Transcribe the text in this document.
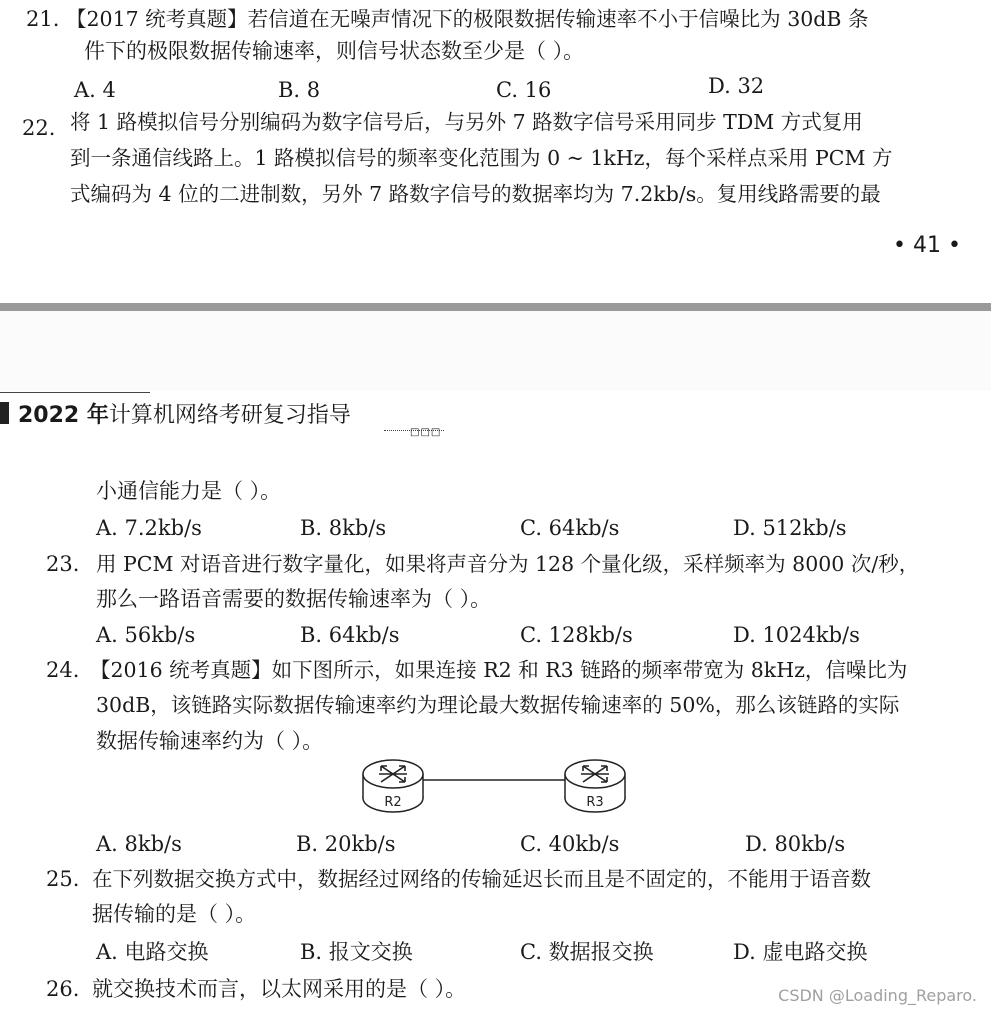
21. 【2017 统考真题】若信道在无噪声情况下的极限数据传输速率不小于信噪比为 30dB 条
件下的极限数据传输速率，则信号状态数至少是（ ）。
A. 4	B. 8	C. 16	D. 32
22. 将 1 路模拟信号分别编码为数字信号后，与另外 7 路数字信号采用同步 TDM 方式复用
到一条通信线路上。1 路模拟信号的频率变化范围为 0 ~ 1kHz，每个采样点采用 PCM 方
式编码为 4 位的二进制数，另外 7 路数字信号的数据率均为 7.2kb/s。复用线路需要的最
• 41 •
2022 年计算机网络考研复习指导
□□□
小通信能力是（ ）。
A. 7.2kb/s	B. 8kb/s	C. 64kb/s	D. 512kb/s
23. 用 PCM 对语音进行数字量化，如果将声音分为 128 个量化级，采样频率为 8000 次/秒，
那么一路语音需要的数据传输速率为（ ）。
A. 56kb/s	B. 64kb/s	C. 128kb/s	D. 1024kb/s
24. 【2016 统考真题】如下图所示，如果连接 R2 和 R3 链路的频率带宽为 8kHz，信噪比为
30dB，该链路实际数据传输速率约为理论最大数据传输速率的 50%，那么该链路的实际
数据传输速率约为（ ）。
R2	R3
A. 8kb/s	B. 20kb/s	C. 40kb/s	D. 80kb/s
25. 在下列数据交换方式中，数据经过网络的传输延迟长而且是不固定的，不能用于语音数
据传输的是（ ）。
A. 电路交换	B. 报文交换	C. 数据报交换	D. 虚电路交换
26. 就交换技术而言，以太网采用的是（ ）。	CSDN @Loading_Reparo.
